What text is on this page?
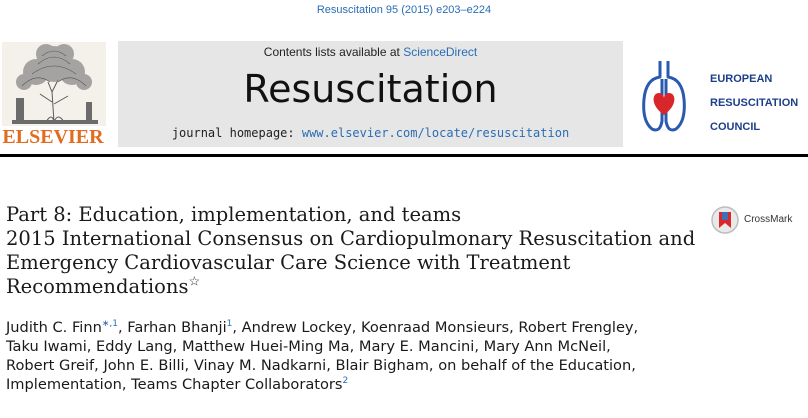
Resuscitation 95 (2015) e203–e224
ELSEVIER
Contents lists available at ScienceDirect
Resuscitation
journal homepage: www.elsevier.com/locate/resuscitation
EUROPEAN
RESUSCITATION
COUNCIL
Part 8: Education, implementation, and teams
2015 International Consensus on Cardiopulmonary Resuscitation and
Emergency Cardiovascular Care Science with Treatment
Recommendations☆
CrossMark
Judith C. Finn$^{∗,1}$, Farhan Bhanji$^1$, Andrew Lockey, Koenraad Monsieurs, Robert Frengley,
Taku Iwami, Eddy Lang, Matthew Huei-Ming Ma, Mary E. Mancini, Mary Ann McNeil,
Robert Greif, John E. Billi, Vinay M. Nadkarni, Blair Bigham, on behalf of the Education,
Implementation, Teams Chapter Collaborators$^2$
